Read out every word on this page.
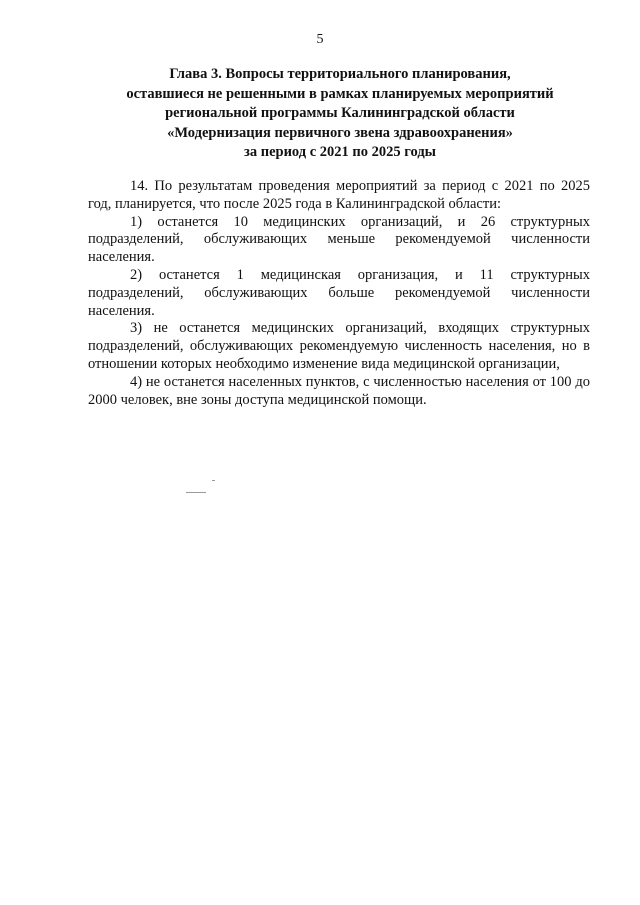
5
Глава 3. Вопросы территориального планирования,
оставшиеся не решенными в рамках планируемых мероприятий
региональной программы Калининградской области
«Модернизация первичного звена здравоохранения»
за период с 2021 по 2025 годы

14. По результатам проведения мероприятий за период с 2021 по 2025 год, планируется, что после 2025 года в Калининградской области:

1) останется 10 медицинских организаций, и 26 структурных подразделений, обслуживающих меньше рекомендуемой численности населения.

2) останется 1 медицинская организация, и 11 структурных подразделений, обслуживающих больше рекомендуемой численности населения.

3) не останется медицинских организаций, входящих структурных подразделений, обслуживающих рекомендуемую численность населения, но в отношении которых необходимо изменение вида медицинской организации,

4) не останется населенных пунктов, с численностью населения от 100 до 2000 человек, вне зоны доступа медицинской помощи.
